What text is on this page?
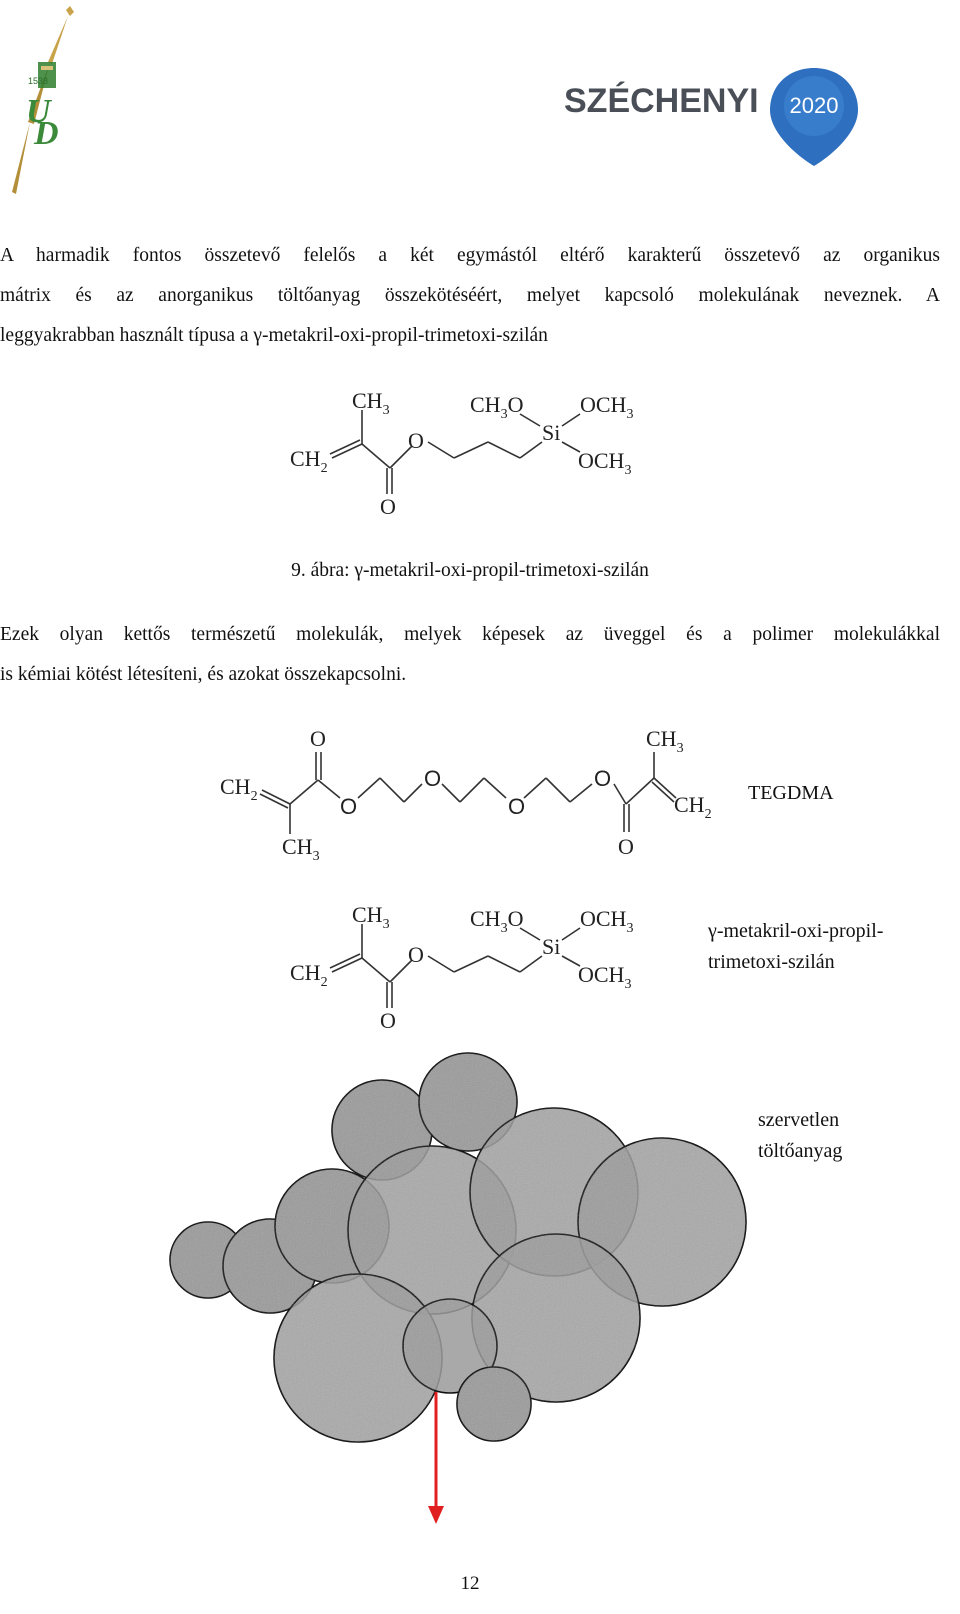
U
D
1538
SZÉCHENYI 2020
A harmadik fontos összetevő felelős a két egymástól eltérő karakterű összetevő az organikus
mátrix és az anorganikus töltőanyag összekötéséért, melyet kapcsoló molekulának neveznek. A
leggyakrabban használt típusa a γ-metakril-oxi-propil-trimetoxi-szilán
$CH_3$
$CH_2$
O
O
$CH_3O$
Si
$OCH_3$
$OCH_3$
9. ábra: γ-metakril-oxi-propil-trimetoxi-szilán
Ezek olyan kettős természetű molekulák, melyek képesek az üveggel és a polimer molekulákkal
is kémiai kötést létesíteni, és azokat összekapcsolni.
O
$CH_2$
$CH_3$
O
O
O
O
$CH_3$
$CH_2$
O
TEGDMA
$CH_3$
$CH_2$
O
O
$CH_3O$
Si
$OCH_3$
$OCH_3$
γ-metakril-oxi-propil-
trimetoxi-szilán
szervetlen
töltőanyag
12
